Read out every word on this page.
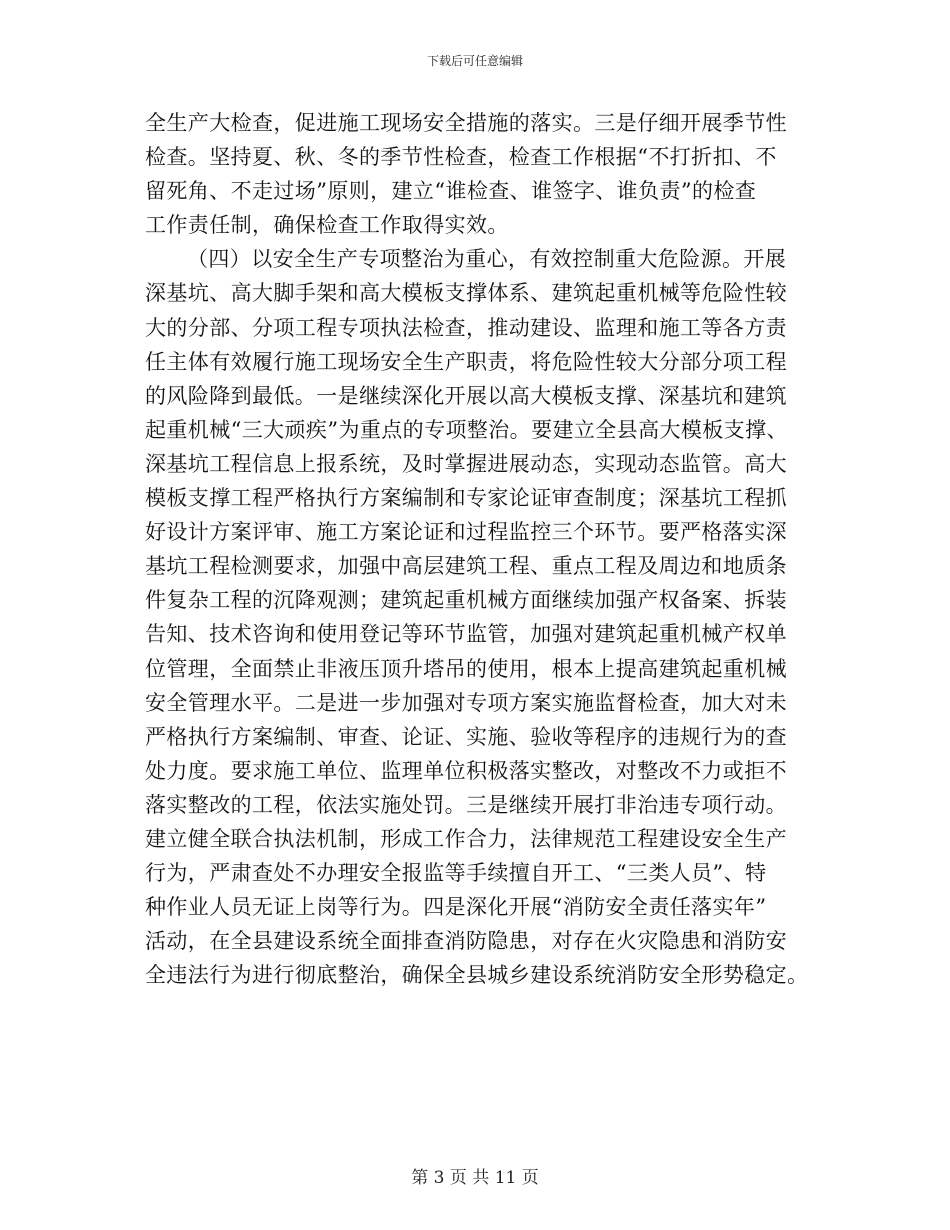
下载后可任意编辑

全生产大检查，促进施工现场安全措施的落实。三是仔细开展季节性
检查。坚持夏、秋、冬的季节性检查，检查工作根据“不打折扣、不
留死角、不走过场”原则，建立“谁检查、谁签字、谁负责”的检查
工作责任制，确保检查工作取得实效。

（四）以安全生产专项整治为重心，有效控制重大危险源。开展
深基坑、高大脚手架和高大模板支撑体系、建筑起重机械等危险性较
大的分部、分项工程专项执法检查，推动建设、监理和施工等各方责
任主体有效履行施工现场安全生产职责，将危险性较大分部分项工程
的风险降到最低。一是继续深化开展以高大模板支撑、深基坑和建筑
起重机械“三大顽疾”为重点的专项整治。要建立全县高大模板支撑、
深基坑工程信息上报系统，及时掌握进展动态，实现动态监管。高大
模板支撑工程严格执行方案编制和专家论证审查制度；深基坑工程抓
好设计方案评审、施工方案论证和过程监控三个环节。要严格落实深
基坑工程检测要求，加强中高层建筑工程、重点工程及周边和地质条
件复杂工程的沉降观测；建筑起重机械方面继续加强产权备案、拆装
告知、技术咨询和使用登记等环节监管，加强对建筑起重机械产权单
位管理，全面禁止非液压顶升塔吊的使用，根本上提高建筑起重机械
安全管理水平。二是进一步加强对专项方案实施监督检查，加大对未
严格执行方案编制、审查、论证、实施、验收等程序的违规行为的查
处力度。要求施工单位、监理单位积极落实整改，对整改不力或拒不
落实整改的工程，依法实施处罚。三是继续开展打非治违专项行动。
建立健全联合执法机制，形成工作合力，法律规范工程建设安全生产
行为，严肃查处不办理安全报监等手续擅自开工、“三类人员”、特
种作业人员无证上岗等行为。四是深化开展“消防安全责任落实年”
活动，在全县建设系统全面排查消防隐患，对存在火灾隐患和消防安
全违法行为进行彻底整治，确保全县城乡建设系统消防安全形势稳定。

第 3 页 共 11 页
